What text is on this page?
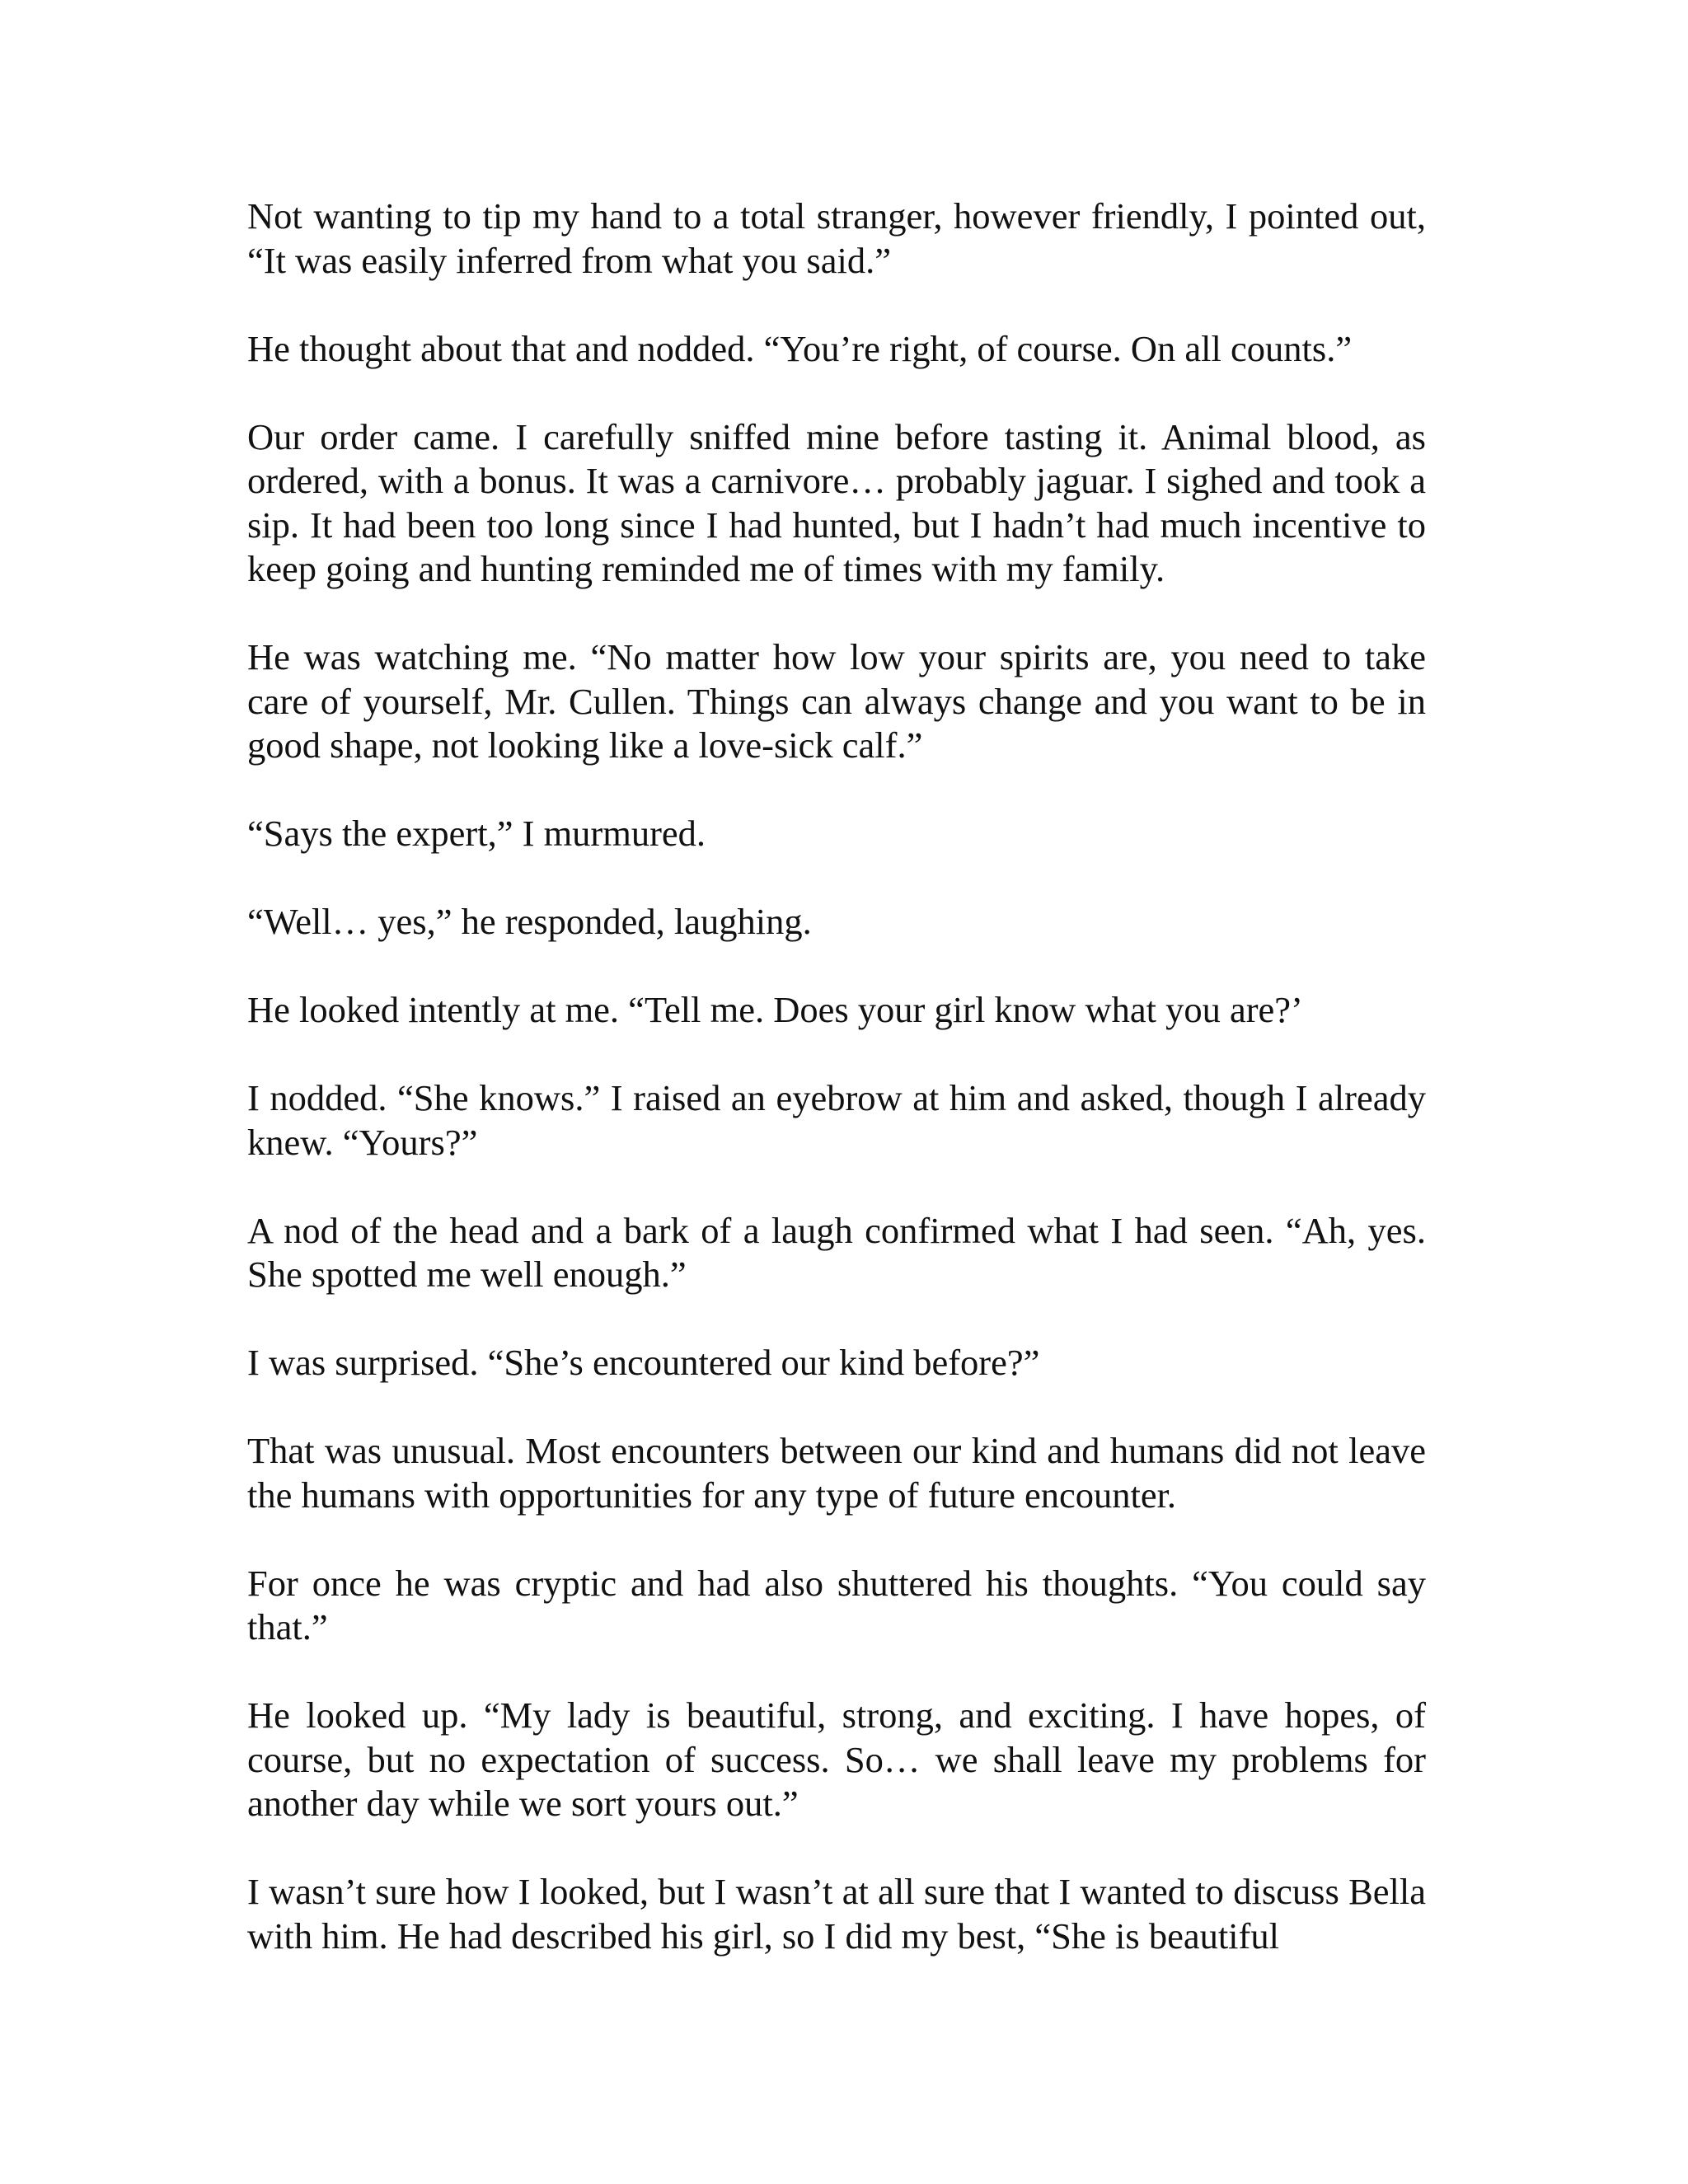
Not wanting to tip my hand to a total stranger, however friendly, I pointed out, “It was easily inferred from what you said.”

He thought about that and nodded. “You’re right, of course. On all counts.”

Our order came. I carefully sniffed mine before tasting it. Animal blood, as ordered, with a bonus. It was a carnivore… probably jaguar. I sighed and took a sip. It had been too long since I had hunted, but I hadn’t had much incentive to keep going and hunting reminded me of times with my family.

He was watching me. “No matter how low your spirits are, you need to take care of yourself, Mr. Cullen. Things can always change and you want to be in good shape, not looking like a love-sick calf.”

“Says the expert,” I murmured.

“Well… yes,” he responded, laughing.

He looked intently at me. “Tell me. Does your girl know what you are?’

I nodded. “She knows.” I raised an eyebrow at him and asked, though I already knew. “Yours?”

A nod of the head and a bark of a laugh confirmed what I had seen. “Ah, yes. She spotted me well enough.”

I was surprised. “She’s encountered our kind before?”

That was unusual. Most encounters between our kind and humans did not leave the humans with opportunities for any type of future encounter.

For once he was cryptic and had also shuttered his thoughts. “You could say that.”

He looked up. “My lady is beautiful, strong, and exciting. I have hopes, of course, but no expectation of success. So… we shall leave my problems for another day while we sort yours out.”

I wasn’t sure how I looked, but I wasn’t at all sure that I wanted to discuss Bella with him. He had described his girl, so I did my best, “She is beautiful
